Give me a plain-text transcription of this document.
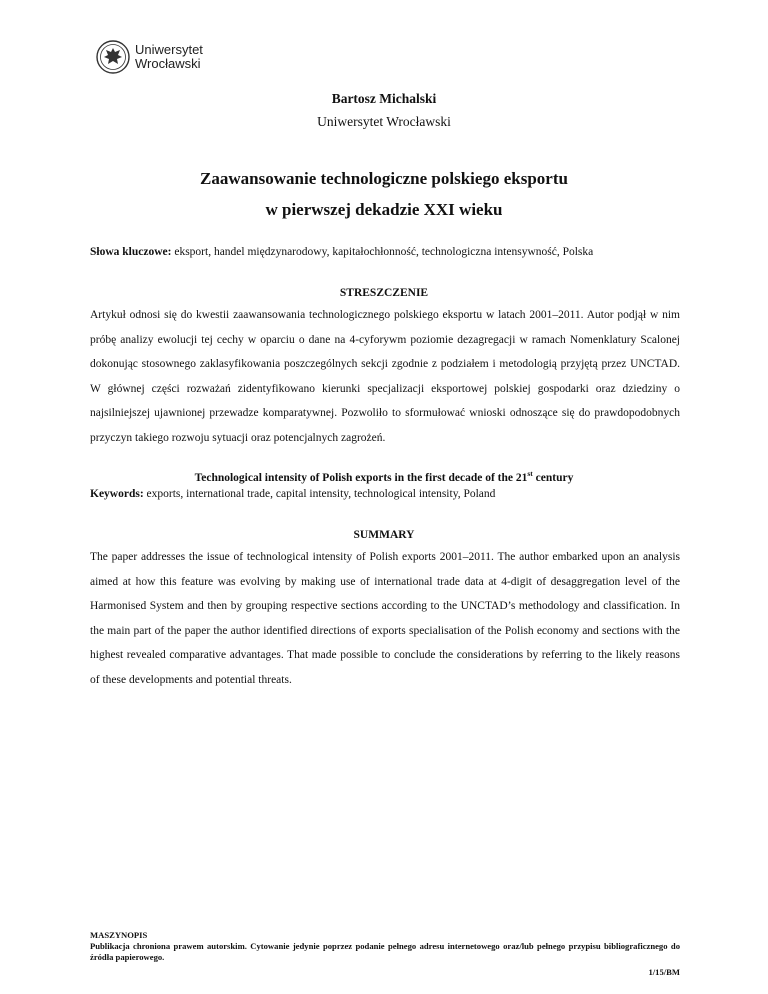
Uniwersytet
Wrocławski
Bartosz Michalski
Uniwersytet Wrocławski
Zaawansowanie technologiczne polskiego eksportu
w pierwszej dekadzie XXI wieku
Słowa kluczowe: eksport, handel międzynarodowy, kapitałochłonność, technologiczna intensywność, Polska
STRESZCZENIE

Artykuł odnosi się do kwestii zaawansowania technologicznego polskiego eksportu w latach 2001–2011. Autor podjął w nim próbę analizy ewolucji tej cechy w oparciu o dane na 4-cyforywm poziomie dezagregacji w ramach Nomenklatury Scalonej dokonując stosownego zaklasyfikowania poszczególnych sekcji zgodnie z podziałem i metodologią przyjętą przez UNCTAD. W głównej części rozważań zidentyfikowano kierunki specjalizacji eksportowej polskiej gospodarki oraz dziedziny o najsilniejszej ujawnionej przewadze komparatywnej. Pozwoliło to sformułować wnioski odnoszące się do prawdopodobnych przyczyn takiego rozwoju sytuacji oraz potencjalnych zagrożeń.

Technological intensity of Polish exports in the first decade of the 21st century
Keywords: exports, international trade, capital intensity, technological intensity, Poland
SUMMARY

The paper addresses the issue of technological intensity of Polish exports 2001–2011. The author embarked upon an analysis aimed at how this feature was evolving by making use of international trade data at 4-digit of desaggregation level of the Harmonised System and then by grouping respective sections according to the UNCTAD’s methodology and classification. In the main part of the paper the author identified directions of exports specialisation of the Polish economy and sections with the highest revealed comparative advantages. That made possible to conclude the considerations by referring to the likely reasons of these developments and potential threats.

MASZYNOPIS
Publikacja chroniona prawem autorskim. Cytowanie jedynie poprzez podanie pełnego adresu internetowego oraz/lub pełnego przypisu bibliograficznego do źródła papierowego.
1/15/BM
